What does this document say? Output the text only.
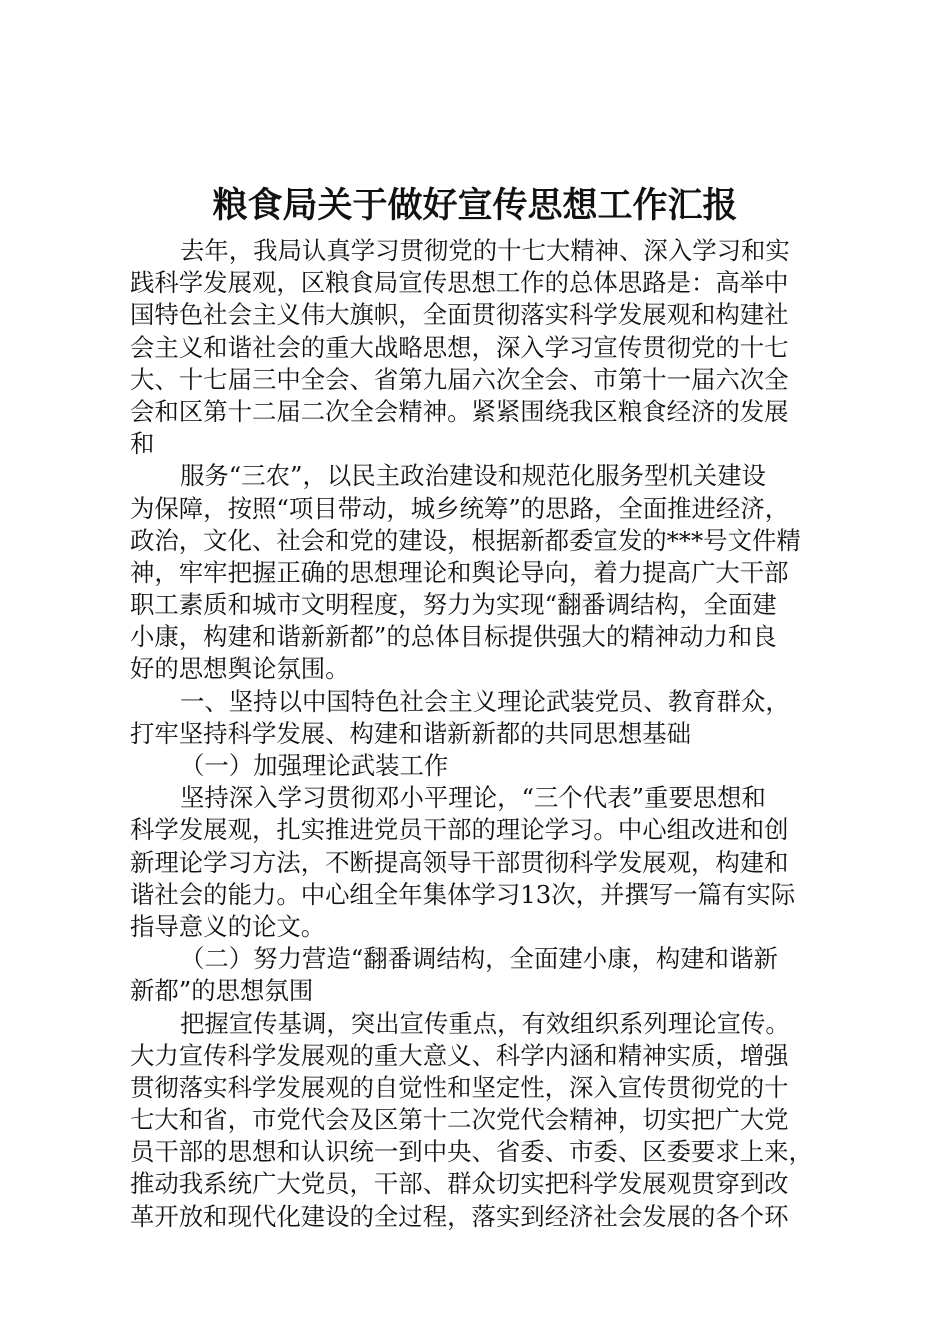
粮食局关于做好宣传思想工作汇报
去年，我局认真学习贯彻党的十七大精神、深入学习和实
践科学发展观，区粮食局宣传思想工作的总体思路是：高举中
国特色社会主义伟大旗帜，全面贯彻落实科学发展观和构建社
会主义和谐社会的重大战略思想，深入学习宣传贯彻党的十七
大、十七届三中全会、省第九届六次全会、市第十一届六次全
会和区第十二届二次全会精神。紧紧围绕我区粮食经济的发展
和
服务“三农”，以民主政治建设和规范化服务型机关建设
为保障，按照“项目带动，城乡统筹”的思路，全面推进经济，
政治，文化、社会和党的建设，根据新都委宣发的***号文件精
神，牢牢把握正确的思想理论和舆论导向，着力提高广大干部
职工素质和城市文明程度，努力为实现“翻番调结构，全面建
小康，构建和谐新新都”的总体目标提供强大的精神动力和良
好的思想舆论氛围。
一、坚持以中国特色社会主义理论武装党员、教育群众，
打牢坚持科学发展、构建和谐新新都的共同思想基础
（一）加强理论武装工作
坚持深入学习贯彻邓小平理论，“三个代表”重要思想和
科学发展观，扎实推进党员干部的理论学习。中心组改进和创
新理论学习方法，不断提高领导干部贯彻科学发展观，构建和
谐社会的能力。中心组全年集体学习13次，并撰写一篇有实际
指导意义的论文。
（二）努力营造“翻番调结构，全面建小康，构建和谐新
新都”的思想氛围
把握宣传基调，突出宣传重点，有效组织系列理论宣传。
大力宣传科学发展观的重大意义、科学内涵和精神实质，增强
贯彻落实科学发展观的自觉性和坚定性，深入宣传贯彻党的十
七大和省，市党代会及区第十二次党代会精神，切实把广大党
员干部的思想和认识统一到中央、省委、市委、区委要求上来，
推动我系统广大党员，干部、群众切实把科学发展观贯穿到改
革开放和现代化建设的全过程，落实到经济社会发展的各个环
